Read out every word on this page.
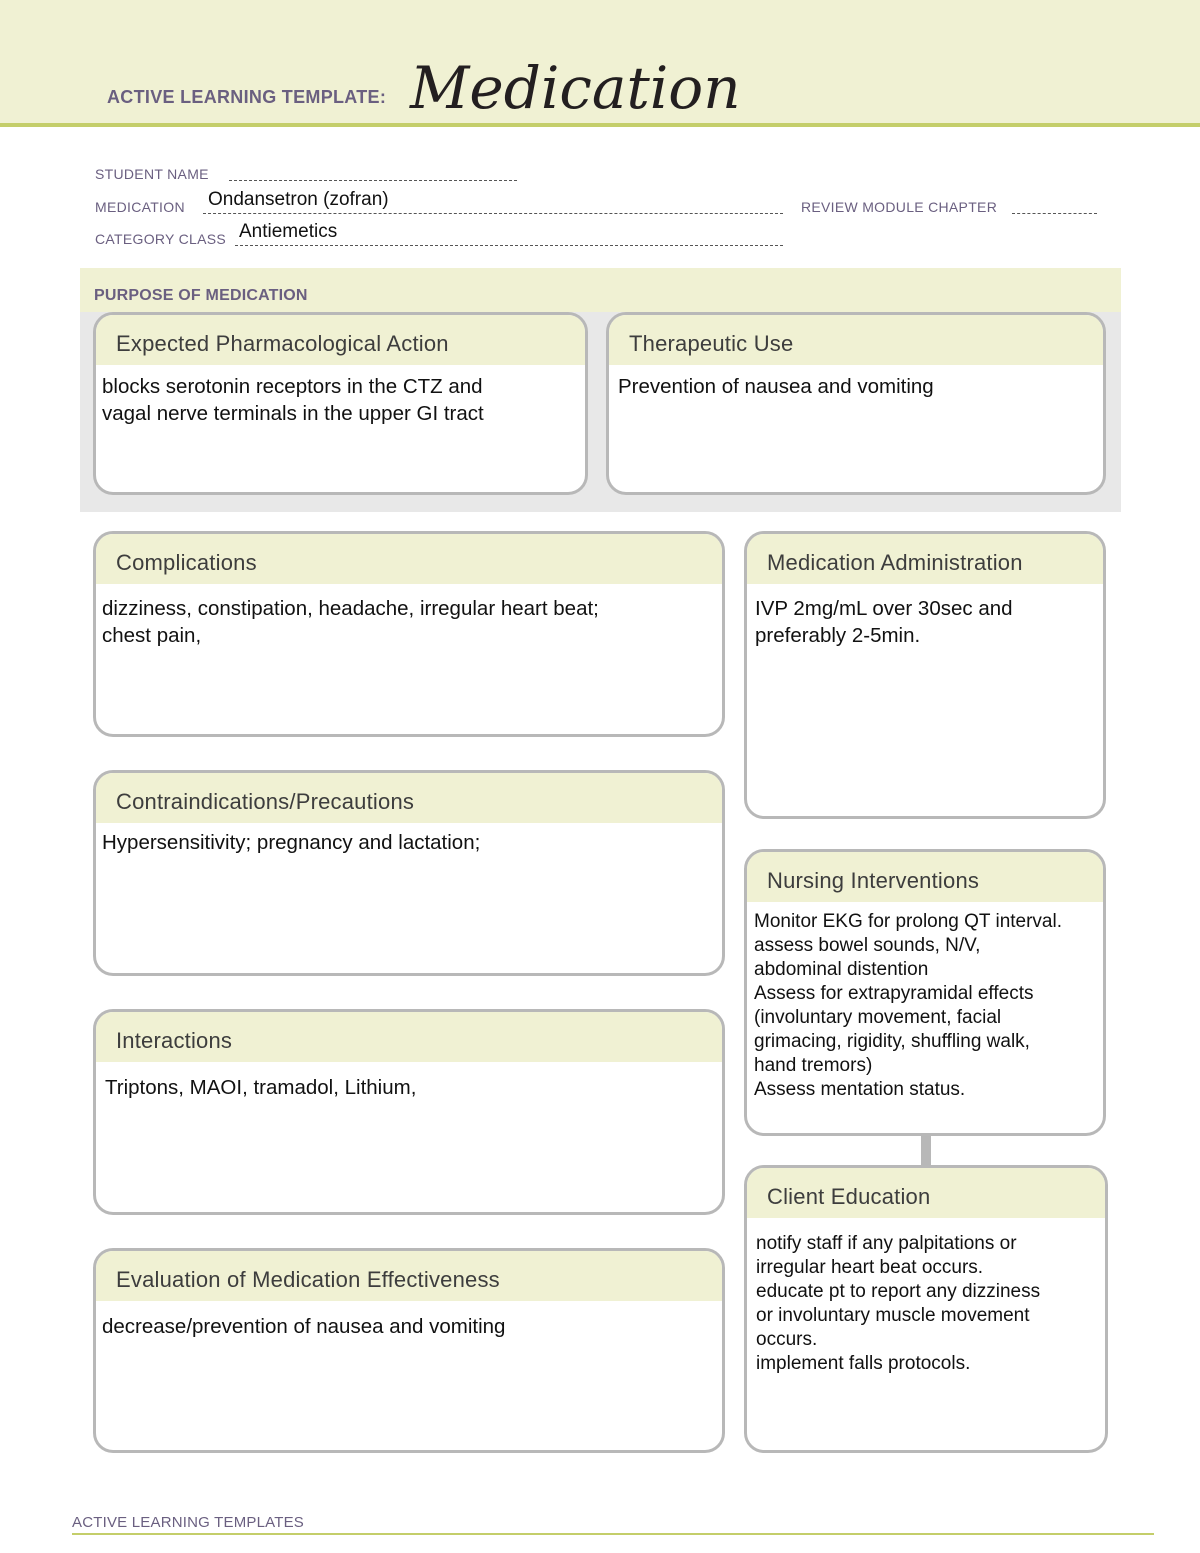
ACTIVE LEARNING TEMPLATE: Medication
STUDENT NAME
MEDICATION Ondansetron (zofran)	REVIEW MODULE CHAPTER
CATEGORY CLASS Antiemetics
PURPOSE OF MEDICATION
Expected Pharmacological Action
blocks serotonin receptors in the CTZ and
vagal nerve terminals in the upper GI tract
Therapeutic Use
Prevention of nausea and vomiting
Complications
dizziness, constipation, headache, irregular heart beat;
chest pain,
Medication Administration
IVP 2mg/mL over 30sec and
preferably 2-5min.
Contraindications/Precautions
Hypersensitivity; pregnancy and lactation;
Nursing Interventions
Monitor EKG for prolong QT interval.
assess bowel sounds, N/V,
abdominal distention
Assess for extrapyramidal effects
(involuntary movement, facial
grimacing, rigidity, shuffling walk,
hand tremors)
Assess mentation status.
Interactions
Triptons, MAOI, tramadol, Lithium,
Client Education
notify staff if any palpitations or
irregular heart beat occurs.
educate pt to report any dizziness
or involuntary muscle movement
occurs.
implement falls protocols.
Evaluation of Medication Effectiveness
decrease/prevention of nausea and vomiting
ACTIVE LEARNING TEMPLATES
